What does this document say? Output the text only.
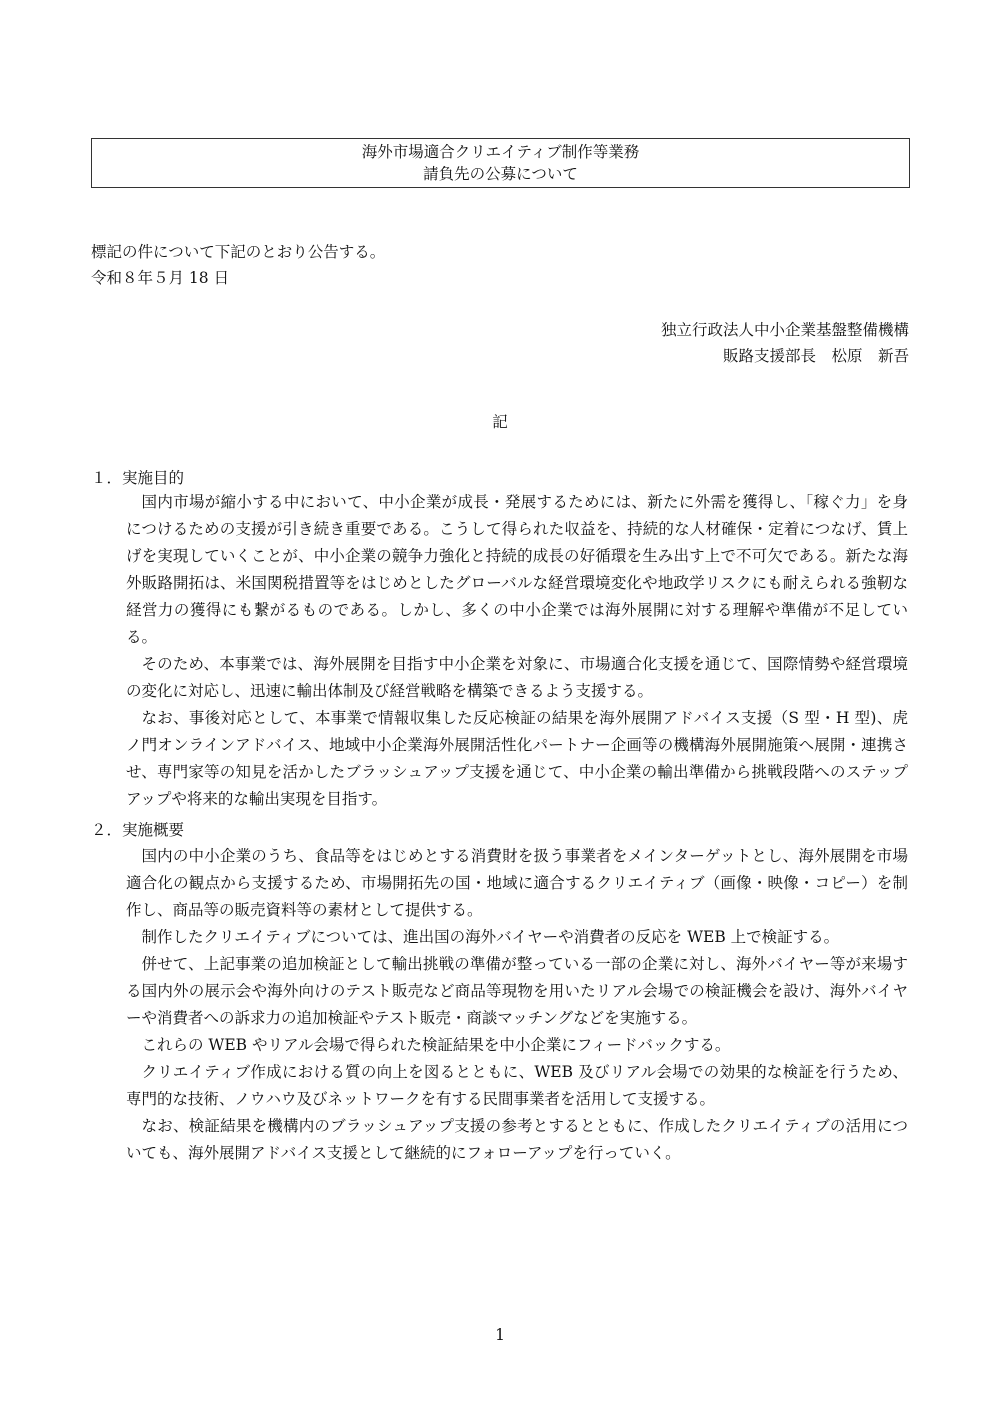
海外市場適合クリエイティブ制作等業務
請負先の公募について
標記の件について下記のとおり公告する。
令和８年５月 18 日
独立行政法人中小企業基盤整備機構
販路支援部長　松原　新吾
記
１．実施目的

国内市場が縮小する中において、中小企業が成長・発展するためには、新たに外需を獲得し、「稼ぐ力」を身につけるための支援が引き続き重要である。こうして得られた収益を、持続的な人材確保・定着につなげ、賃上げを実現していくことが、中小企業の競争力強化と持続的成長の好循環を生み出す上で不可欠である。新たな海外販路開拓は、米国関税措置等をはじめとしたグローバルな経営環境変化や地政学リスクにも耐えられる強靭な経営力の獲得にも繋がるものである。しかし、多くの中小企業では海外展開に対する理解や準備が不足している。

そのため、本事業では、海外展開を目指す中小企業を対象に、市場適合化支援を通じて、国際情勢や経営環境の変化に対応し、迅速に輸出体制及び経営戦略を構築できるよう支援する。

なお、事後対応として、本事業で情報収集した反応検証の結果を海外展開アドバイス支援（S 型・H 型)、虎ノ門オンラインアドバイス、地域中小企業海外展開活性化パートナー企画等の機構海外展開施策へ展開・連携させ、専門家等の知見を活かしたブラッシュアップ支援を通じて、中小企業の輸出準備から挑戦段階へのステップアップや将来的な輸出実現を目指す。

２．実施概要

国内の中小企業のうち、食品等をはじめとする消費財を扱う事業者をメインターゲットとし、海外展開を市場適合化の観点から支援するため、市場開拓先の国・地域に適合するクリエイティブ（画像・映像・コピー）を制作し、商品等の販売資料等の素材として提供する。

制作したクリエイティブについては、進出国の海外バイヤーや消費者の反応を WEB 上で検証する。

併せて、上記事業の追加検証として輸出挑戦の準備が整っている一部の企業に対し、海外バイヤー等が来場する国内外の展示会や海外向けのテスト販売など商品等現物を用いたリアル会場での検証機会を設け、海外バイヤーや消費者への訴求力の追加検証やテスト販売・商談マッチングなどを実施する。

これらの WEB やリアル会場で得られた検証結果を中小企業にフィードバックする。

クリエイティブ作成における質の向上を図るとともに、WEB 及びリアル会場での効果的な検証を行うため、専門的な技術、ノウハウ及びネットワークを有する民間事業者を活用して支援する。

なお、検証結果を機構内のブラッシュアップ支援の参考とするとともに、作成したクリエイティブの活用についても、海外展開アドバイス支援として継続的にフォローアップを行っていく。

1
